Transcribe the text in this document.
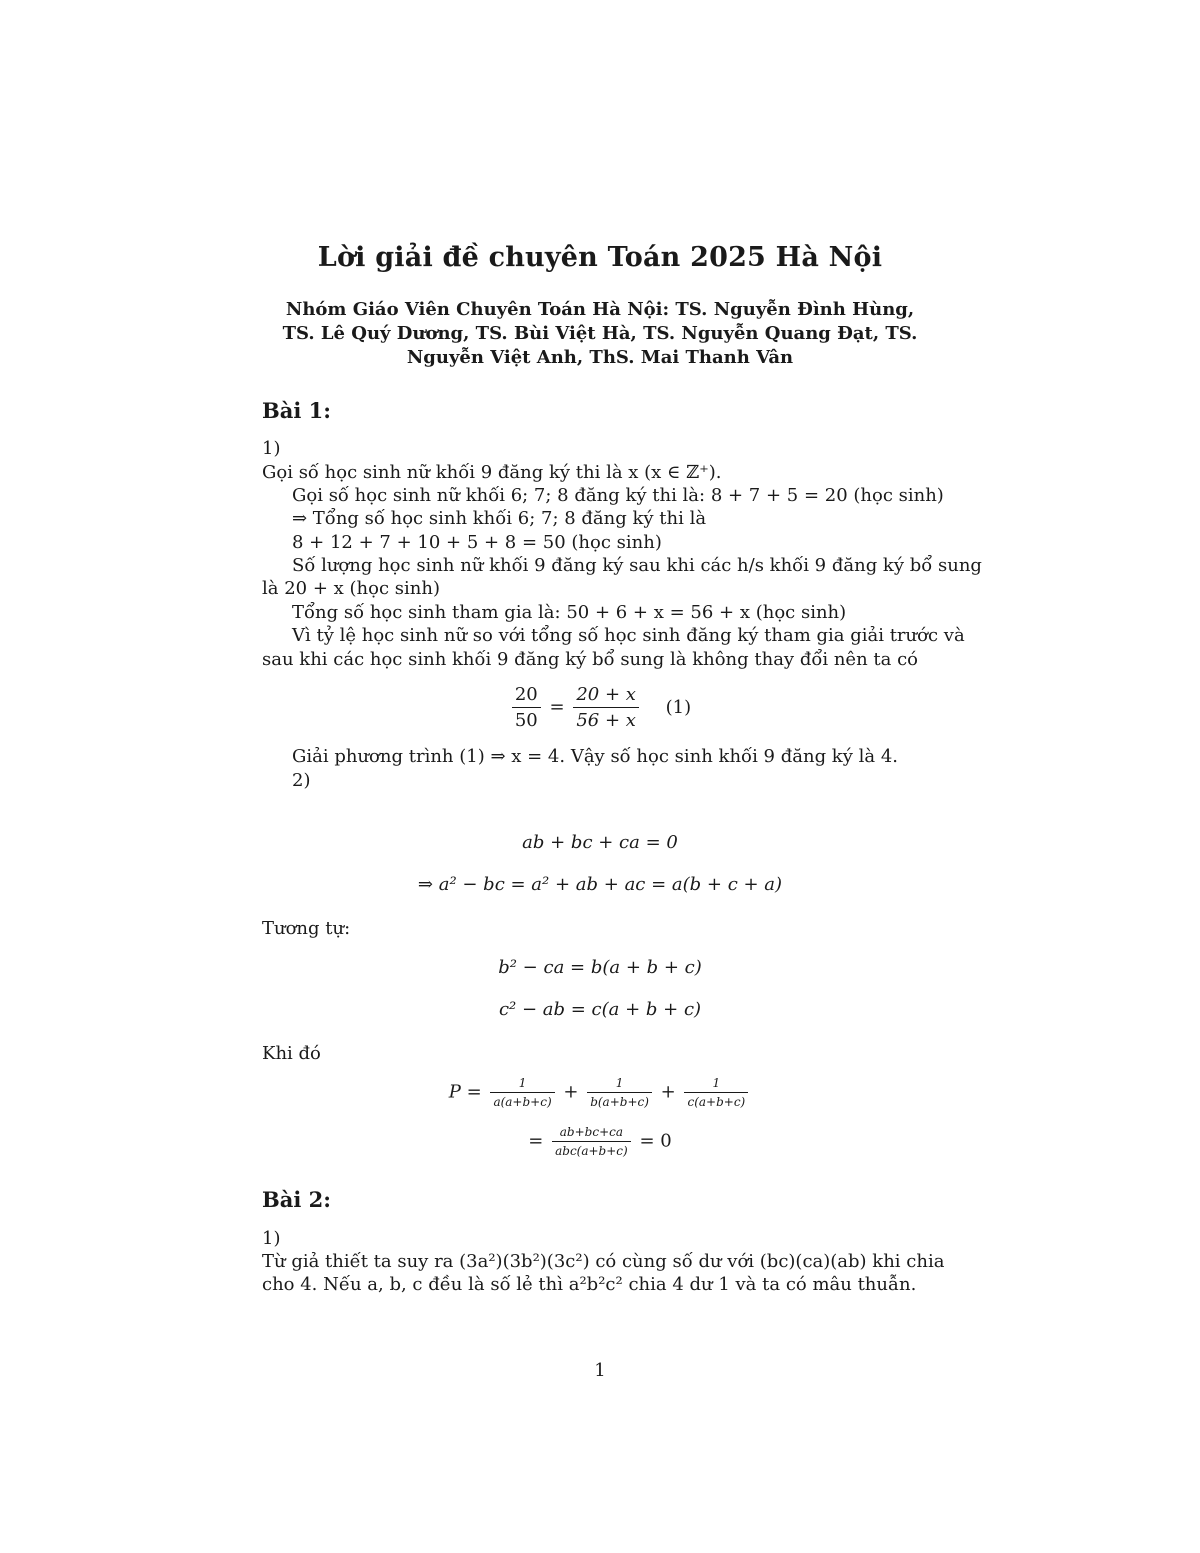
Lời giải đề chuyên Toán 2025 Hà Nội
Nhóm Giáo Viên Chuyên Toán Hà Nội: TS. Nguyễn Đình Hùng,
TS. Lê Quý Dương, TS. Bùi Việt Hà, TS. Nguyễn Quang Đạt, TS.
Nguyễn Việt Anh, ThS. Mai Thanh Vân
Bài 1:
1)
Gọi số học sinh nữ khối 9 đăng ký thi là x (x ∈ ℤ⁺).
Gọi số học sinh nữ khối 6; 7; 8 đăng ký thi là: 8 + 7 + 5 = 20 (học sinh)
⇒ Tổng số học sinh khối 6; 7; 8 đăng ký thi là
8 + 12 + 7 + 10 + 5 + 8 = 50 (học sinh)
Số lượng học sinh nữ khối 9 đăng ký sau khi các h/s khối 9 đăng ký bổ sung
là 20 + x (học sinh)
Tổng số học sinh tham gia là: 50 + 6 + x = 56 + x (học sinh)
Vì tỷ lệ học sinh nữ so với tổng số học sinh đăng ký tham gia giải trước và
sau khi các học sinh khối 9 đăng ký bổ sung là không thay đổi nên ta có
$\frac{20}{50} = \frac{20 + x}{56 + x} (1)$
Giải phương trình (1) ⇒ x = 4. Vậy số học sinh khối 9 đăng ký là 4.
2)
ab + bc + ca = 0
⇒ a² − bc = a² + ab + ac = a(b + c + a)
Tương tự:
b² − ca = b(a + b + c)
c² − ab = c(a + b + c)
Khi đó
$P = \frac{1}{a(a+b+c)} + \frac{1}{b(a+b+c)} + \frac{1}{c(a+b+c)}$
= $\frac{ab+bc+ca}{\text{abc(a+b+c)}} = 0$
Bài 2:
1)
Từ giả thiết ta suy ra (3a²)(3b²)(3c²) có cùng số dư với (bc)(ca)(ab) khi chia
cho 4. Nếu a, b, c đều là số lẻ thì a²b²c² chia 4 dư 1 và ta có mâu thuẫn.
1
